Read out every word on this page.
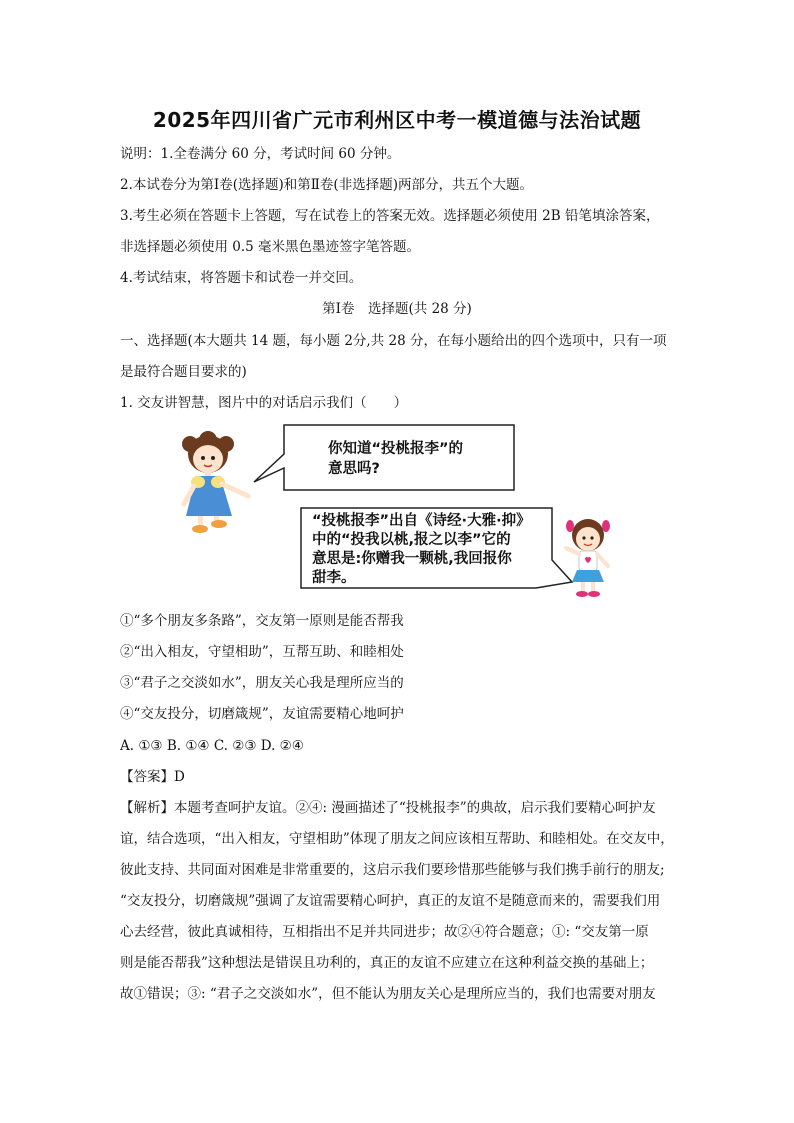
2025年四川省广元市利州区中考一模道德与法治试题
说明：1.全卷满分 60 分，考试时间 60 分钟。
2.本试卷分为第Ⅰ卷(选择题)和第Ⅱ卷(非选择题)两部分，共五个大题。
3.考生必须在答题卡上答题，写在试卷上的答案无效。选择题必须使用 2B 铅笔填涂答案，
非选择题必须使用 0.5 毫米黑色墨迹签字笔答题。
4.考试结束，将答题卡和试卷一并交回。
第Ⅰ卷　选择题(共 28 分)
一、选择题(本大题共 14 题，每小题 2分,共 28 分，在每小题给出的四个选项中，只有一项
是最符合题目要求的)
1. 交友讲智慧，图片中的对话启示我们（　　）
你知道“投桃报李”的
意思吗?
“投桃报李”出自《诗经·大雅·抑》
中的“投我以桃,报之以李”它的
意思是:你赠我一颗桃,我回报你
甜李。
①“多个朋友多条路”，交友第一原则是能否帮我
②“出入相友，守望相助”，互帮互助、和睦相处
③“君子之交淡如水”，朋友关心我是理所应当的
④“交友投分，切磨箴规”，友谊需要精心地呵护
A. ①③ B. ①④ C. ②③ D. ②④
【答案】D
【解析】本题考查呵护友谊。②④: 漫画描述了“投桃报李”的典故，启示我们要精心呵护友
谊，结合选项，“出入相友，守望相助”体现了朋友之间应该相互帮助、和睦相处。在交友中，
彼此支持、共同面对困难是非常重要的，这启示我们要珍惜那些能够与我们携手前行的朋友;
“交友投分，切磨箴规”强调了友谊需要精心呵护，真正的友谊不是随意而来的，需要我们用
心去经营，彼此真诚相待，互相指出不足并共同进步；故②④符合题意；①: “交友第一原
则是能否帮我”这种想法是错误且功利的，真正的友谊不应建立在这种利益交换的基础上；
故①错误；③: “君子之交淡如水”，但不能认为朋友关心是理所应当的，我们也需要对朋友
